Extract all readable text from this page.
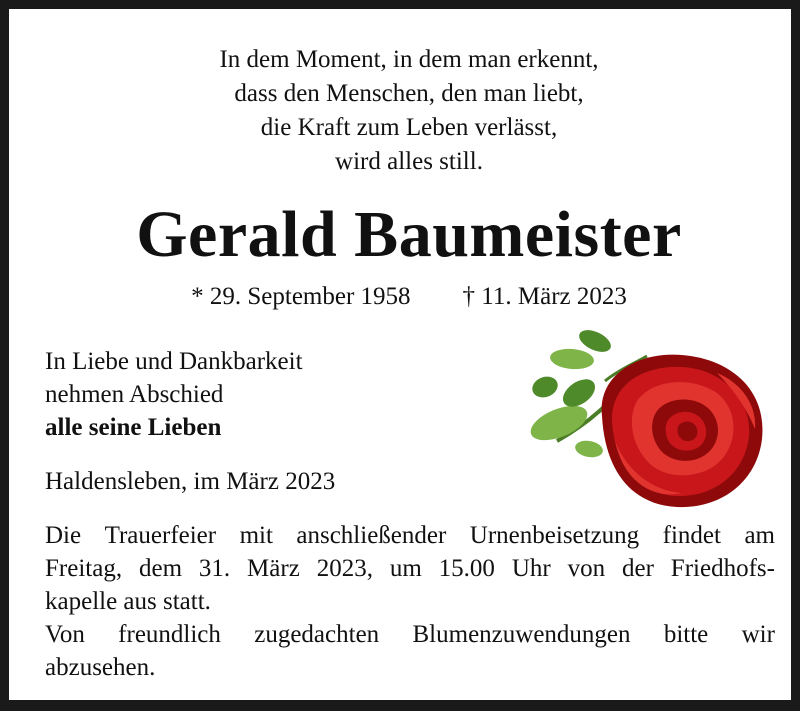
In dem Moment, in dem man erkennt,
dass den Menschen, den man liebt,
die Kraft zum Leben verlässt,
wird alles still.
Gerald Baumeister
* 29. September 1958 † 11. März 2023
In Liebe und Dankbarkeit
nehmen Abschied
alle seine Lieben
Haldensleben, im März 2023
Die Trauerfeier mit anschließender Urnenbeisetzung findet am
Freitag, dem 31. März 2023, um 15.00 Uhr von der Friedhofs-
kapelle aus statt.
Von freundlich zugedachten Blumenzuwendungen bitte wir
abzusehen.
